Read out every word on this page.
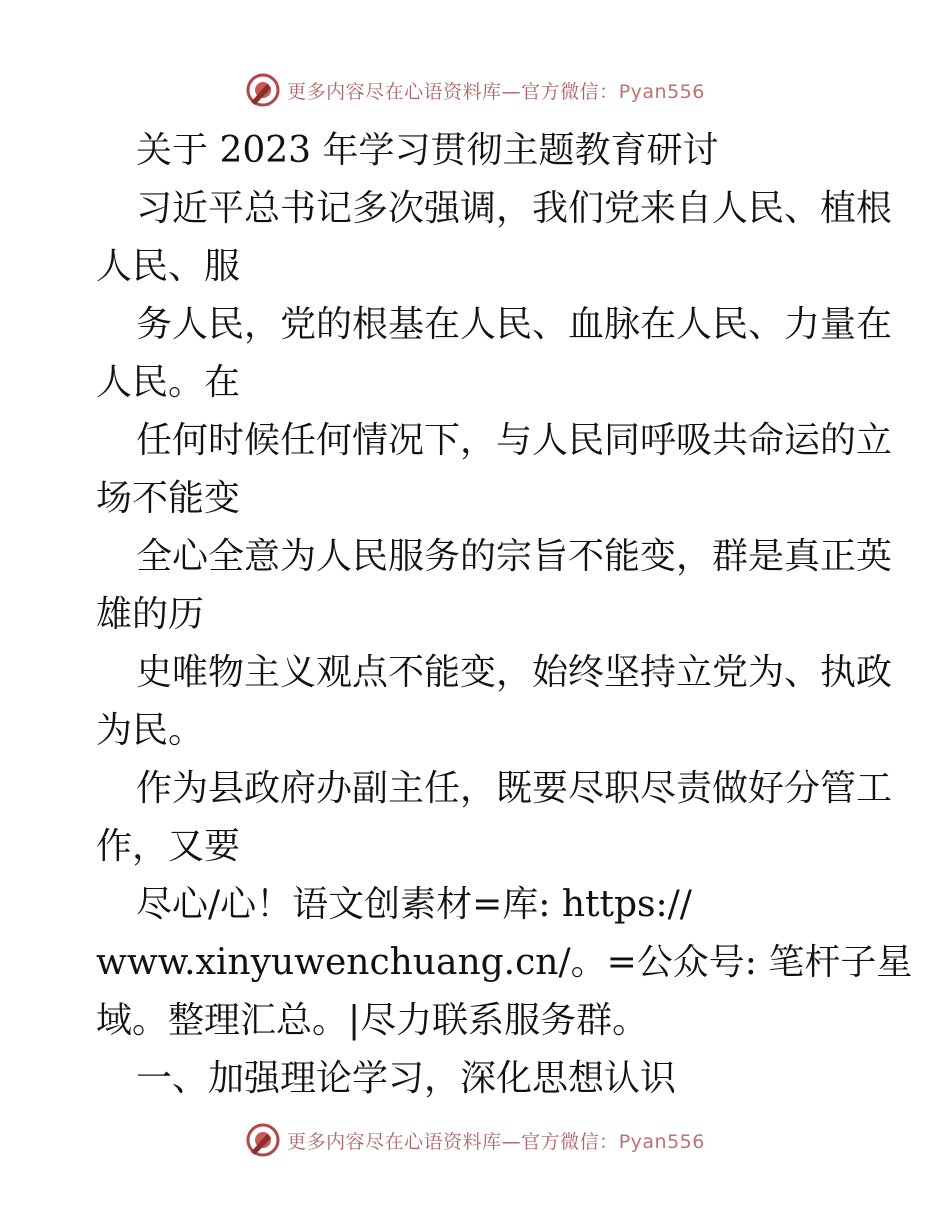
更多内容尽在心语资料库—官方微信：Pyan556
关于 2023 年学习贯彻主题教育研讨
习近平总书记多次强调，我们党来自人民、植根
人民、服
务人民，党的根基在人民、血脉在人民、力量在
人民。在
任何时候任何情况下，与人民同呼吸共命运的立
场不能变
全心全意为人民服务的宗旨不能变，群是真正英
雄的历
史唯物主义观点不能变，始终坚持立党为、执政
为民。
作为县政府办副主任，既要尽职尽责做好分管工
作，又要
尽心/心！语文创素材=库: https://
www.xinyuwenchuang.cn/。=公众号: 笔杆子星
域。整理汇总。|尽力联系服务群。
一、加强理论学习，深化思想认识
更多内容尽在心语资料库—官方微信：Pyan556
